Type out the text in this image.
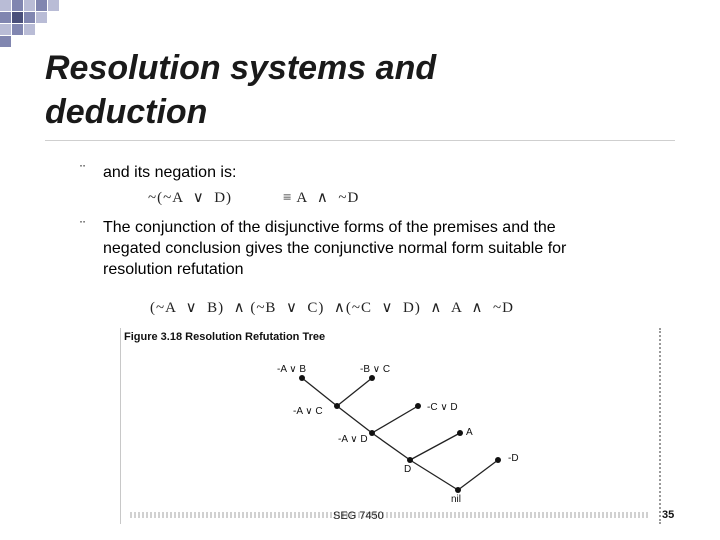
Resolution systems and
deduction
¨ and its negation is:
~(~A  ∨  D)	≡ A  ∧  ~D
¨ The conjunction of the disjunctive forms of the premises and the
negated conclusion gives the conjunctive normal form suitable for
resolution refutation
(~A  ∨  B)  ∧ (~B  ∨  C)  ∧(~C  ∨  D)  ∧  A  ∧  ~D
Figure 3.18 Resolution Refutation Tree
-A ∨ B	-B ∨ C
-A ∨ C	-C ∨ D
-A ∨ D
A
D
-D
nil
SEG 7450	35
